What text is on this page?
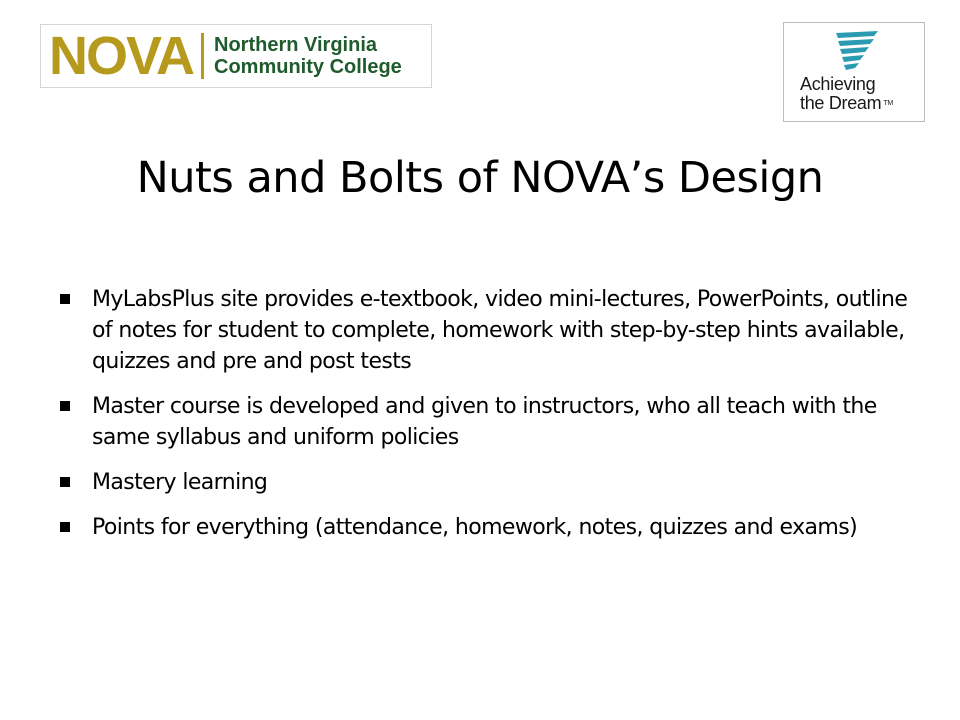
NOVA Northern Virginia
Community College
Achieving
the Dream ™
Nuts and Bolts of NOVA’s Design
MyLabsPlus site provides e-textbook, video mini-lectures, PowerPoints, outline of notes for student to complete, homework with step-by-step hints available, quizzes and pre and post tests
Master course is developed and given to instructors, who all teach with the same syllabus and uniform policies
Mastery learning
Points for everything (attendance, homework, notes, quizzes and exams)
